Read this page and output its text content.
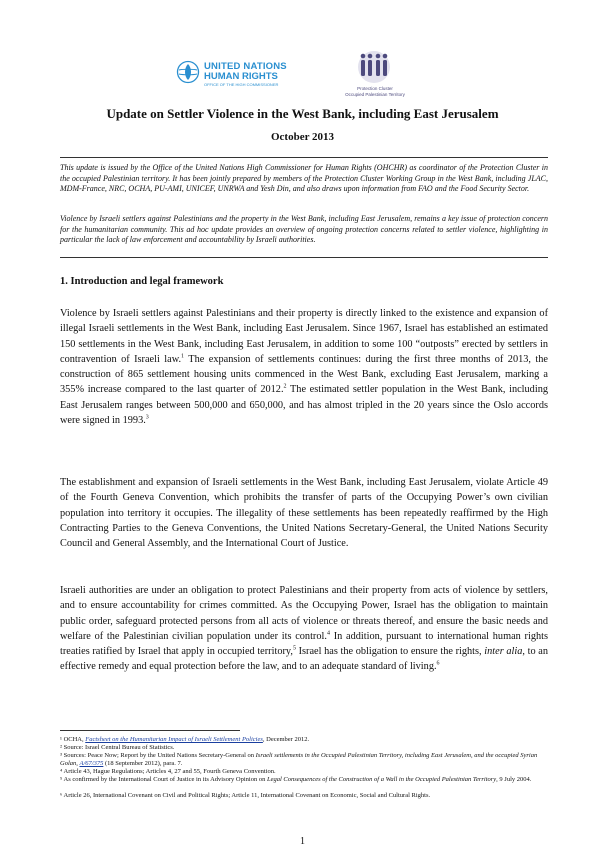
UNITED NATIONS
HUMAN RIGHTS
OFFICE OF THE HIGH COMMISSIONER
Protection Cluster
Occupied Palestinian Territory
Update on Settler Violence in the West Bank, including East Jerusalem
October 2013

This update is issued by the Office of the United Nations High Commissioner for Human Rights (OHCHR) as coordinator of the Protection Cluster in the occupied Palestinian territory. It has been jointly prepared by members of the Protection Cluster Working Group in the West Bank, including JLAC, MDM-France, NRC, OCHA, PU-AMI, UNICEF, UNRWA and Yesh Din, and also draws upon information from FAO and the Food Security Sector.

Violence by Israeli settlers against Palestinians and the property in the West Bank, including East Jerusalem, remains a key issue of protection concern for the humanitarian community. This ad hoc update provides an overview of ongoing protection concerns related to settler violence, highlighting in particular the lack of law enforcement and accountability by Israeli authorities.

1. Introduction and legal framework

Violence by Israeli settlers against Palestinians and their property is directly linked to the existence and expansion of illegal Israeli settlements in the West Bank, including East Jerusalem. Since 1967, Israel has established an estimated 150 settlements in the West Bank, including East Jerusalem, in addition to some 100 “outposts” erected by settlers in contravention of Israeli law.$^1$ The expansion of settlements continues: during the first three months of 2013, the construction of 865 settlement housing units commenced in the West Bank, excluding East Jerusalem, marking a 355% increase compared to the last quarter of 2012.$^2$ The estimated settler population in the West Bank, including East Jerusalem ranges between 500,000 and 650,000, and has almost tripled in the 20 years since the Oslo accords were signed in 1993.$^3$

The establishment and expansion of Israeli settlements in the West Bank, including East Jerusalem, violate Article 49 of the Fourth Geneva Convention, which prohibits the transfer of parts of the Occupying Power’s own civilian population into territory it occupies. The illegality of these settlements has been repeatedly reaffirmed by the High Contracting Parties to the Geneva Conventions, the United Nations Secretary-General, the United Nations Security Council and General Assembly, and the International Court of Justice.

Israeli authorities are under an obligation to protect Palestinians and their property from acts of violence by settlers, and to ensure accountability for crimes committed. As the Occupying Power, Israel has the obligation to maintain public order, safeguard protected persons from all acts of violence or threats thereof, and ensure the basic needs and welfare of the Palestinian civilian population under its control.$^4$ In addition, pursuant to international human rights treaties ratified by Israel that apply in occupied territory,$^5$ Israel has the obligation to ensure the rights, inter alia, to an effective remedy and equal protection before the law, and to an adequate standard of living.$^6$

¹ OCHA, Factsheet on the Humanitarian Impact of Israeli Settlement Policies, December 2012.

² Source: Israel Central Bureau of Statistics.

³ Sources: Peace Now; Report by the United Nations Secretary-General on Israeli settlements in the Occupied Palestinian Territory, including East Jerusalem, and the occupied Syrian Golan, A/67/375 (18 September 2012), para. 7.

⁴ Article 43, Hague Regulations; Articles 4, 27 and 55, Fourth Geneva Convention.

⁵ As confirmed by the International Court of Justice in its Advisory Opinion on Legal Consequences of the Construction of a Wall in the Occupied Palestinian Territory, 9 July 2004.

⁶ Article 26, International Covenant on Civil and Political Rights; Article 11, International Covenant on Economic, Social and Cultural Rights.

1
